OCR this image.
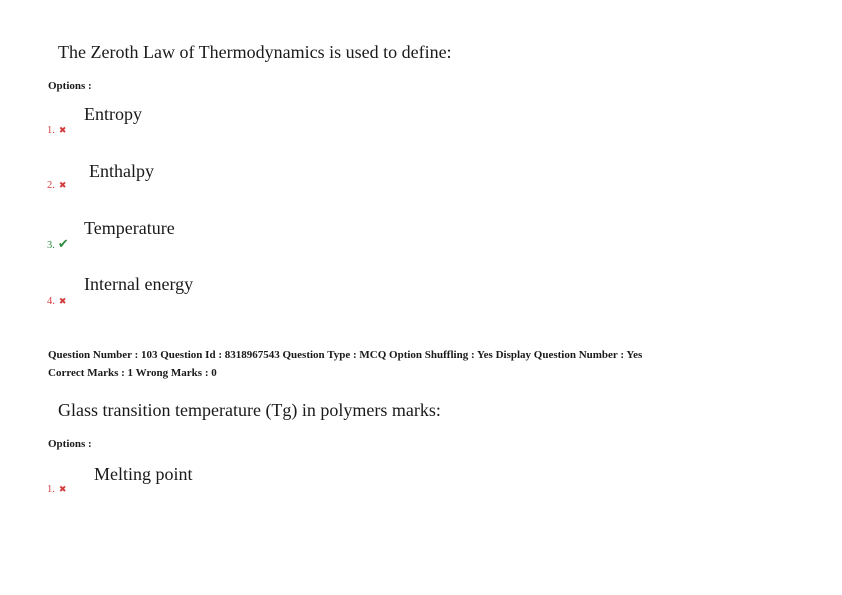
The Zeroth Law of Thermodynamics is used to define:
Options :
Entropy
1. ✖
Enthalpy
2. ✖
Temperature
3. ✔
Internal energy
4. ✖
Question Number : 103 Question Id : 8318967543 Question Type : MCQ Option Shuffling : Yes Display Question Number : Yes
Correct Marks : 1 Wrong Marks : 0
Glass transition temperature (Tg) in polymers marks:
Options :
Melting point
1. ✖
